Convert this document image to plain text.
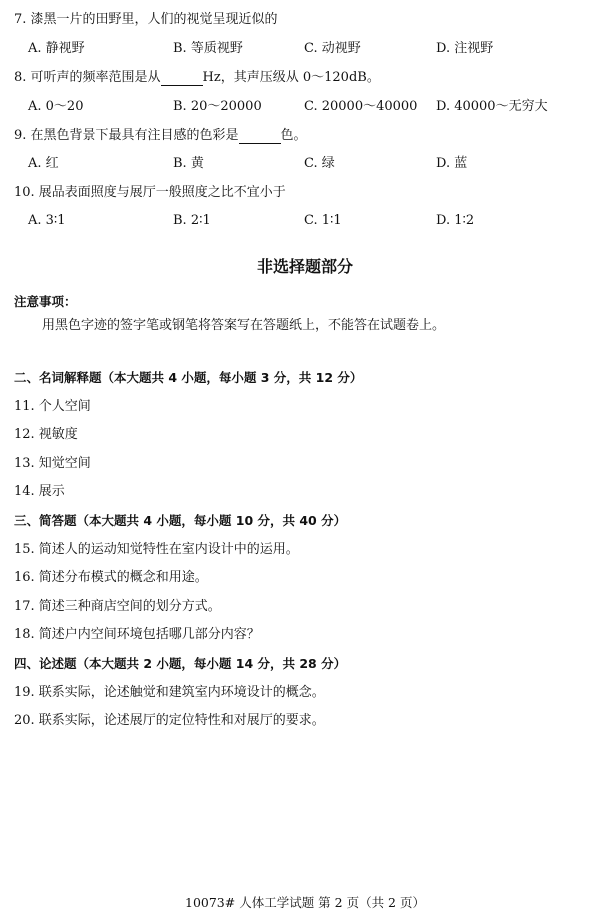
7. 漆黑一片的田野里，人们的视觉呈现近似的
A. 静视野	B. 等质视野	C. 动视野	D. 注视野
8. 可听声的频率范围是从	Hz，其声压级从 0～120dB。
A. 0～20	B. 20～20000	C. 20000～40000 D. 40000～无穷大
9. 在黑色背景下最具有注目感的色彩是	色。
A. 红	B. 黄	C. 绿	D. 蓝
10. 展品表面照度与展厅一般照度之比不宜小于
A. 3∶1	B. 2∶1	C. 1∶1	D. 1∶2
非选择题部分
注意事项：
用黑色字迹的签字笔或钢笔将答案写在答题纸上，不能答在试题卷上。
二、名词解释题（本大题共 4 小题，每小题 3 分，共 12 分）
11. 个人空间
12. 视敏度
13. 知觉空间
14. 展示
三、简答题（本大题共 4 小题，每小题 10 分，共 40 分）
15. 简述人的运动知觉特性在室内设计中的运用。
16. 简述分布模式的概念和用途。
17. 简述三种商店空间的划分方式。
18. 简述户内空间环境包括哪几部分内容？
四、论述题（本大题共 2 小题，每小题 14 分，共 28 分）
19. 联系实际，论述触觉和建筑室内环境设计的概念。
20. 联系实际，论述展厅的定位特性和对展厅的要求。
10073# 人体工学试题 第 2 页（共 2 页）
